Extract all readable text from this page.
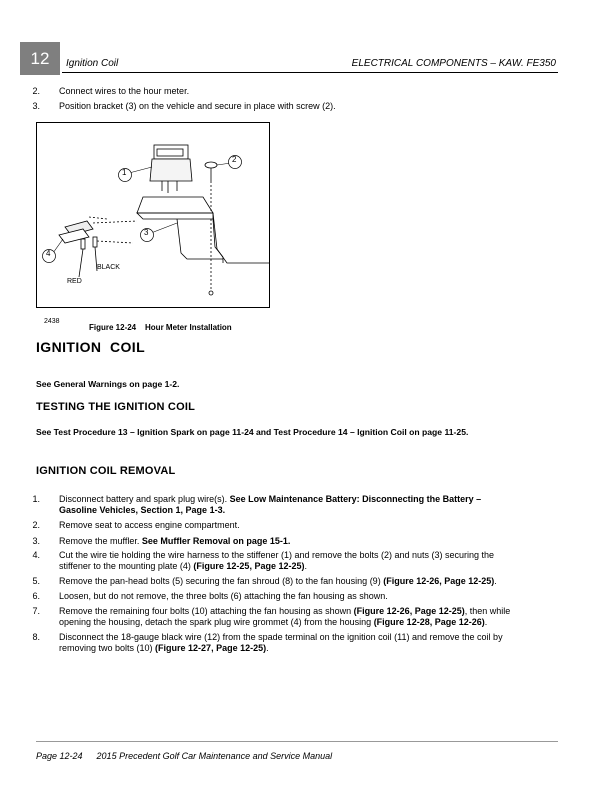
12	Ignition Coil	ELECTRICAL COMPONENTS – KAW. FE350
2. Connect wires to the hour meter.
3. Position bracket (3) on the vehicle and secure in place with screw (2).
1
2
3
4
BLACK
RED
2438
Figure 12-24    Hour Meter Installation
IGNITION  COIL
See General Warnings on page 1-2.
TESTING THE IGNITION COIL
See Test Procedure 13 – Ignition Spark on page 11-24 and Test Procedure 14 – Ignition Coil on page 11-25.
IGNITION COIL REMOVAL
1. Disconnect battery and spark plug wire(s). See Low Maintenance Battery: Disconnecting the Battery –
Gasoline Vehicles, Section 1, Page 1-3.
2. Remove seat to access engine compartment.
3. Remove the muffler. See Muffler Removal on page 15-1.
4. Cut the wire tie holding the wire harness to the stiffener (1) and remove the bolts (2) and nuts (3) securing the
stiffener to the mounting plate (4) (Figure 12-25, Page 12-25).
5. Remove the pan-head bolts (5) securing the fan shroud (8) to the fan housing (9) (Figure 12-26, Page 12-25).
6. Loosen, but do not remove, the three bolts (6) attaching the fan housing as shown.
7. Remove the remaining four bolts (10) attaching the fan housing as shown (Figure 12-26, Page 12-25), then while
opening the housing, detach the spark plug wire grommet (4) from the housing (Figure 12-28, Page 12-26).
8. Disconnect the 18-gauge black wire (12) from the spade terminal on the ignition coil (11) and remove the coil by
removing two bolts (10) (Figure 12-27, Page 12-25).
Page 12-24 2015 Precedent Golf Car Maintenance and Service Manual
